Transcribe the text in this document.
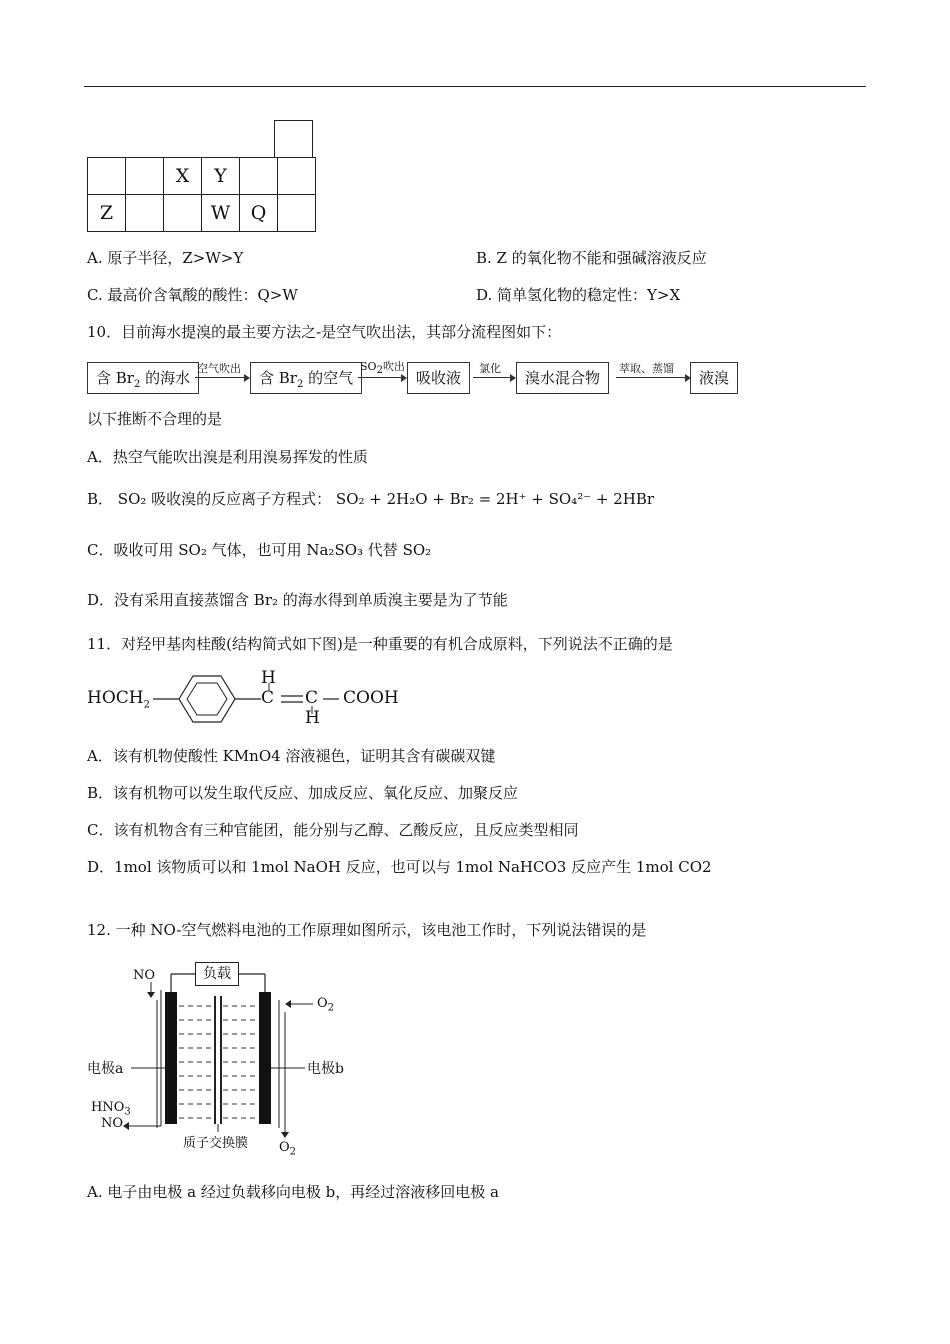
		X	Y		
Z			W	Q	
A. 原子半径，Z>W>Y	B. Z 的氧化物不能和强碱溶液反应
C. 最高价含氧酸的酸性：Q>W	D. 简单氢化物的稳定性：Y>X
10．目前海水提溴的最主要方法之-是空气吹出法，其部分流程图如下：
含 $Br_2$ 的海水
空气吹出
含 $Br_2$ 的空气
$SO_2$吹出
吸收液
氯化
溴水混合物
萃取、蒸馏
液溴
以下推断不合理的是
A．热空气能吹出溴是利用溴易挥发的性质
B． SO₂ 吸收溴的反应离子方程式： SO₂ + 2H₂O + Br₂ = 2H⁺ + SO₄²⁻ + 2HBr
C．吸收可用 SO₂ 气体，也可用 Na₂SO₃ 代替 SO₂
D．没有采用直接蒸馏含 Br₂ 的海水得到单质溴主要是为了节能
11．对羟甲基肉桂酸(结构简式如下图)是一种重要的有机合成原料，下列说法不正确的是
$HOCH_2$
H
C C
H
COOH
A．该有机物使酸性 KMnO4 溶液褪色，证明其含有碳碳双键
B．该有机物可以发生取代反应、加成反应、氧化反应、加聚反应
C．该有机物含有三种官能团，能分别与乙醇、乙酸反应，且反应类型相同
D．1mol 该物质可以和 1mol NaOH 反应，也可以与 1mol NaHCO3 反应产生 1mol CO2
12. 一种 NO-空气燃料电池的工作原理如图所示，该电池工作时，下列说法错误的是
负载
NO
$O_2$
电极a	电极b
$HNO_3$
NO
质子交换膜 $O_2$
A. 电子由电极 a 经过负载移向电极 b，再经过溶液移回电极 a
